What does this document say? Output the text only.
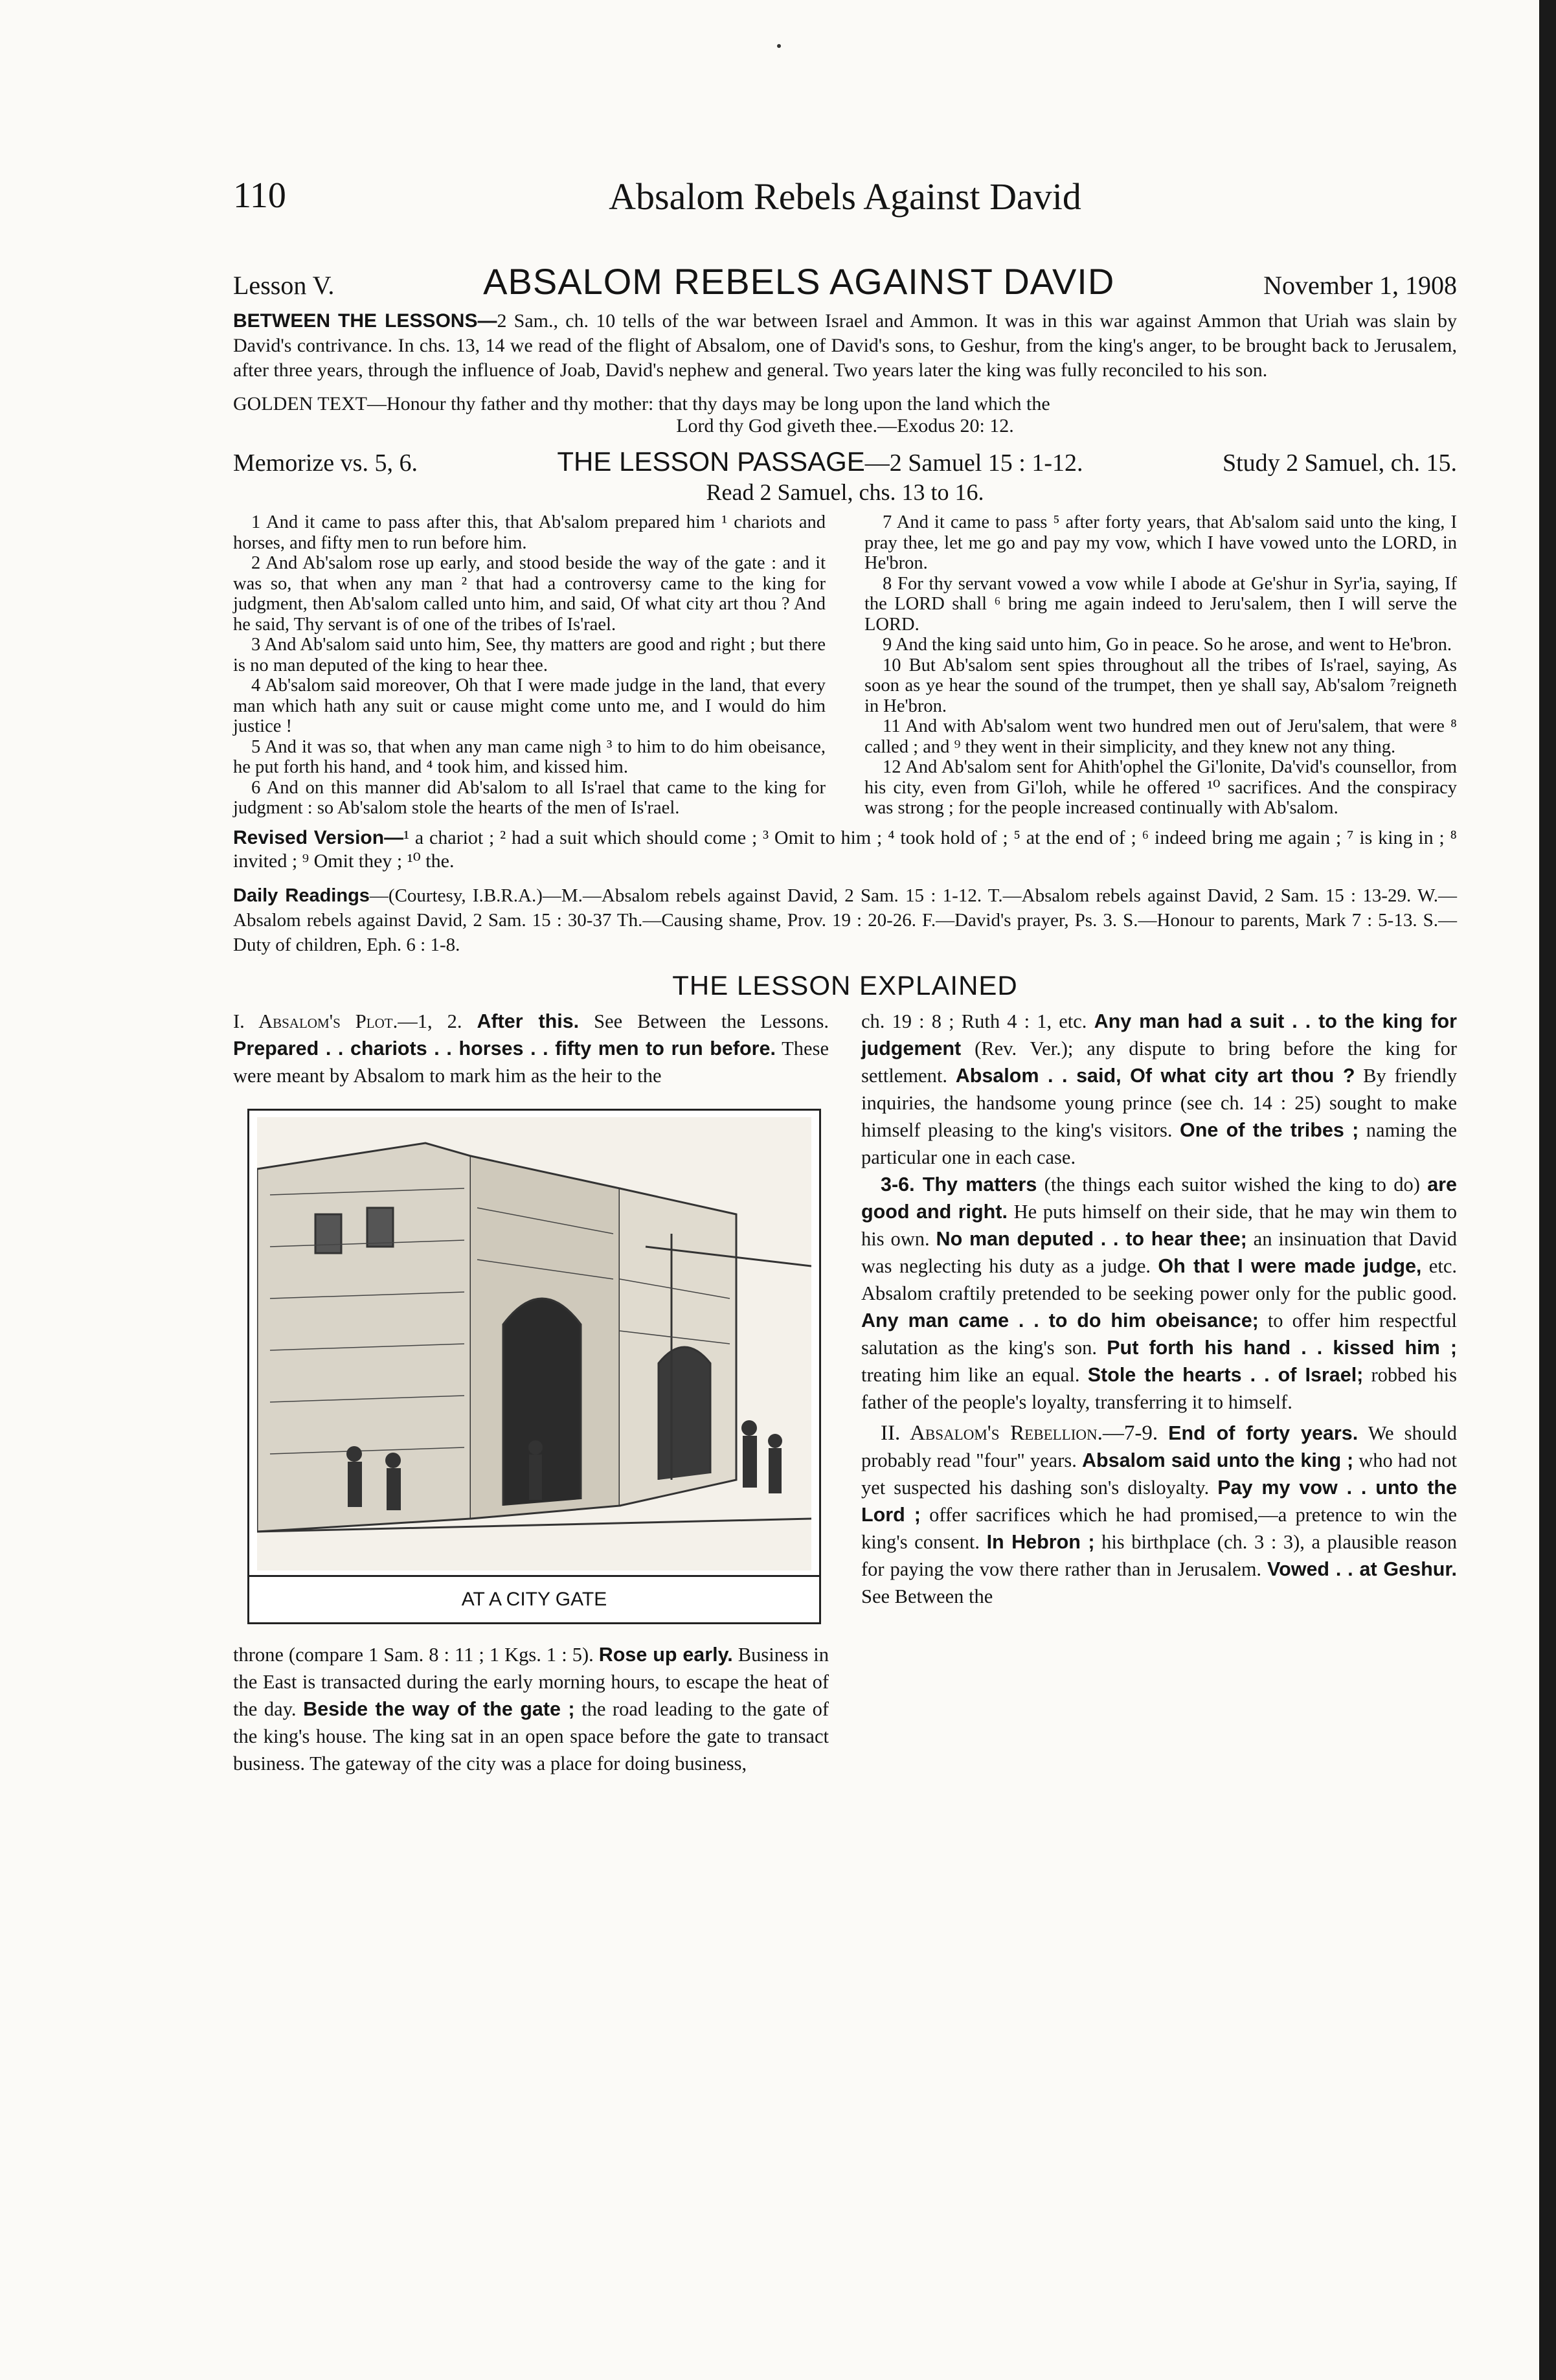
110	Absalom Rebels Against David
Lesson V.	ABSALOM REBELS AGAINST DAVID	November 1, 1908

BETWEEN THE LESSONS—2 Sam., ch. 10 tells of the war between Israel and Ammon. It was in this war against Ammon that Uriah was slain by David's contrivance. In chs. 13, 14 we read of the flight of Absalom, one of David's sons, to Geshur, from the king's anger, to be brought back to Jerusalem, after three years, through the influence of Joab, David's nephew and general. Two years later the king was fully reconciled to his son.

GOLDEN TEXT—Honour thy father and thy mother: that thy days may be long upon the land which the
Lord thy God giveth thee.—Exodus 20: 12.

Memorize vs. 5, 6.	THE LESSON PASSAGE—2 Samuel 15 : 1-12.	Study 2 Samuel, ch. 15.
Read 2 Samuel, chs. 13 to 16.

1 And it came to pass after this, that Ab'salom prepared him ¹ chariots and horses, and fifty men to run before him.

2 And Ab'salom rose up early, and stood beside the way of the gate : and it was so, that when any man ² that had a controversy came to the king for judgment, then Ab'salom called unto him, and said, Of what city art thou ? And he said, Thy servant is of one of the tribes of Is'rael.

3 And Ab'salom said unto him, See, thy matters are good and right ; but there is no man deputed of the king to hear thee.

4 Ab'salom said moreover, Oh that I were made judge in the land, that every man which hath any suit or cause might come unto me, and I would do him justice !

5 And it was so, that when any man came nigh ³ to him to do him obeisance, he put forth his hand, and ⁴ took him, and kissed him.

6 And on this manner did Ab'salom to all Is'rael that came to the king for judgment : so Ab'salom stole the hearts of the men of Is'rael.

7 And it came to pass ⁵ after forty years, that Ab'salom said unto the king, I pray thee, let me go and pay my vow, which I have vowed unto the LORD, in He'bron.

8 For thy servant vowed a vow while I abode at Ge'shur in Syr'ia, saying, If the LORD shall ⁶ bring me again indeed to Jeru'salem, then I will serve the LORD.

9 And the king said unto him, Go in peace. So he arose, and went to He'bron.

10 But Ab'salom sent spies throughout all the tribes of Is'rael, saying, As soon as ye hear the sound of the trumpet, then ye shall say, Ab'salom ⁷reigneth in He'bron.

11 And with Ab'salom went two hundred men out of Jeru'salem, that were ⁸ called ; and ⁹ they went in their simplicity, and they knew not any thing.

12 And Ab'salom sent for Ahith'ophel the Gi'lonite, Da'vid's counsellor, from his city, even from Gi'loh, while he offered ¹⁰ sacrifices. And the conspiracy was strong ; for the people increased continually with Ab'salom.

Revised Version—¹ a chariot ; ² had a suit which should come ; ³ Omit to him ; ⁴ took hold of ; ⁵ at the end of ; ⁶ indeed bring me again ; ⁷ is king in ; ⁸ invited ; ⁹ Omit they ; ¹⁰ the.

Daily Readings—(Courtesy, I.B.R.A.)—M.—Absalom rebels against David, 2 Sam. 15 : 1-12. T.—Absalom rebels against David, 2 Sam. 15 : 13-29. W.—Absalom rebels against David, 2 Sam. 15 : 30-37 Th.—Causing shame, Prov. 19 : 20-26. F.—David's prayer, Ps. 3. S.—Honour to parents, Mark 7 : 5-13. S.—Duty of children, Eph. 6 : 1-8.

THE LESSON EXPLAINED

I. Absalom's Plot.—1, 2. After this. See Between the Lessons. Prepared . . chariots . . horses . . fifty men to run before. These were meant by Absalom to mark him as the heir to the

AT A CITY GATE

throne (compare 1 Sam. 8 : 11 ; 1 Kgs. 1 : 5). Rose up early. Business in the East is transacted during the early morning hours, to escape the heat of the day. Beside the way of the gate ; the road leading to the gate of the king's house. The king sat in an open space before the gate to transact business. The gateway of the city was a place for doing business,

ch. 19 : 8 ; Ruth 4 : 1, etc. Any man had a suit . . to the king for judgement (Rev. Ver.); any dispute to bring before the king for settlement. Absalom . . said, Of what city art thou ? By friendly inquiries, the handsome young prince (see ch. 14 : 25) sought to make himself pleasing to the king's visitors. One of the tribes ; naming the particular one in each case.

3-6. Thy matters (the things each suitor wished the king to do) are good and right. He puts himself on their side, that he may win them to his own. No man deputed . . to hear thee; an insinuation that David was neglecting his duty as a judge. Oh that I were made judge, etc. Absalom craftily pretended to be seeking power only for the public good. Any man came . . to do him obeisance; to offer him respectful salutation as the king's son. Put forth his hand . . kissed him ; treating him like an equal. Stole the hearts . . of Israel; robbed his father of the people's loyalty, transferring it to himself.

II. Absalom's Rebellion.—7-9. End of forty years. We should probably read "four" years. Absalom said unto the king ; who had not yet suspected his dashing son's disloyalty. Pay my vow . . unto the Lord ; offer sacrifices which he had promised,—a pretence to win the king's consent. In Hebron ; his birthplace (ch. 3 : 3), a plausible reason for paying the vow there rather than in Jerusalem. Vowed . . at Geshur. See Between the
